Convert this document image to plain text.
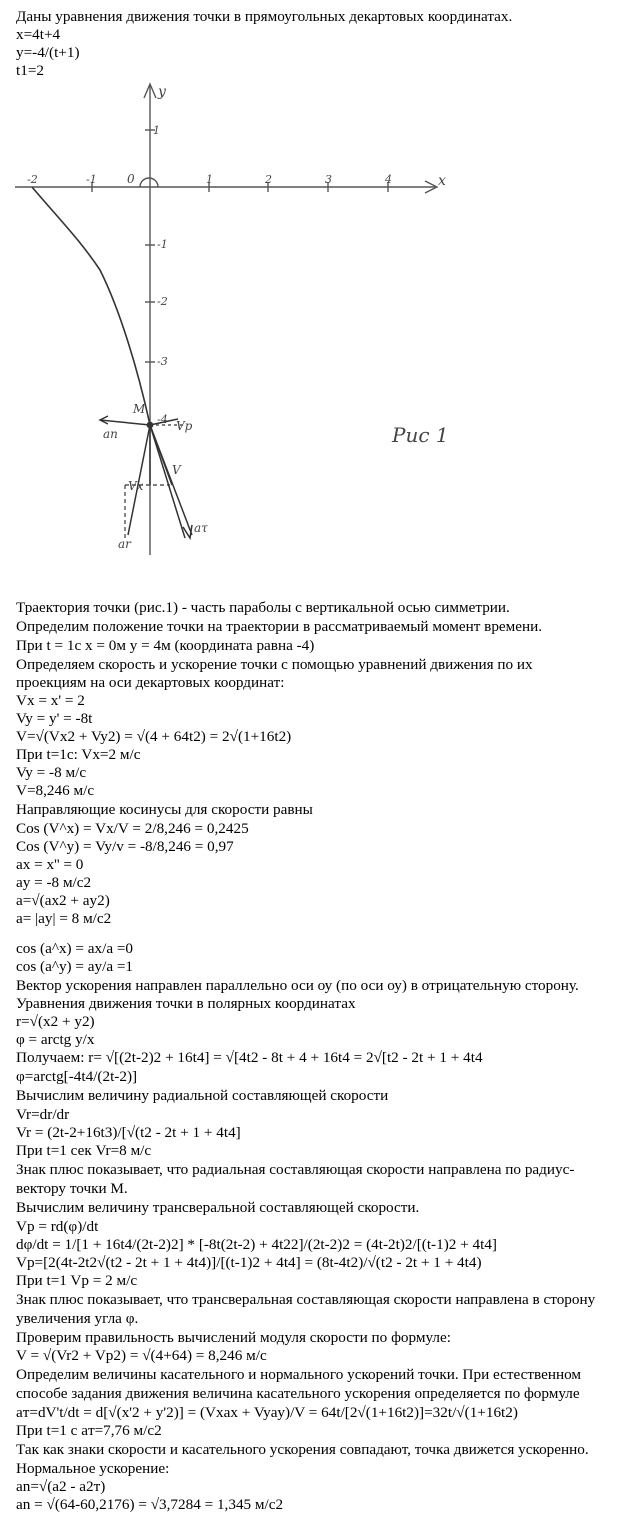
Даны уравнения движения точки в прямоугольных декартовых координатах.
x=4t+4
y=-4/(t+1)
t1=2
x
y
0
-2	-1	1	2	3	4
1
-1
-2
-3
-4
M
Vp
an
Vx
V
aτ
ar
Рис 1
Траектория точки (рис.1) - часть параболы с вертикальной осью симметрии.
Определим положение точки на траектории в рассматриваемый момент времени.
При t = 1с x = 0м y = 4м (координата равна -4)
Определяем скорость и ускорение точки с помощью уравнений движения по их
проекциям на оси декартовых координат:
Vx = x' = 2
Vy = y' = -8t
V=√(Vx2 + Vy2) = √(4 + 64t2) = 2√(1+16t2)
При t=1c: Vx=2 м/с
Vy = -8 м/с
V=8,246 м/с
Направляющие косинусы для скорости равны
Cos (V^x) = Vx/V = 2/8,246 = 0,2425
Cos (V^y) = Vy/v = -8/8,246 = 0,97
ax = x'' = 0
ay = -8 м/с2
a=√(ax2 + ay2)
a= |ay| = 8 м/с2
cos (a^x) = ax/a =0
cos (a^y) = ay/a =1
Вектор ускорения направлен параллельно оси оу (по оси оу) в отрицательную сторону.
Уравнения движения точки в полярных координатах
r=√(x2 + y2)
φ = arctg y/x
Получаем: r= √[(2t-2)2 + 16t4] = √[4t2 - 8t + 4 + 16t4 = 2√[t2 - 2t + 1 + 4t4
φ=arctg[-4t4/(2t-2)]
Вычислим величину радиальной составляющей скорости
Vr=dr/dr
Vr = (2t-2+16t3)/[√(t2 - 2t + 1 + 4t4]
При t=1 сек Vr=8 м/с
Знак плюс показывает, что радиальная составляющая скорости направлена по радиус-
вектору точки М.
Вычислим величину трансверальной составляющей скорости.
Vp = rd(φ)/dt
dφ/dt = 1/[1 + 16t4/(2t-2)2] * [-8t(2t-2) + 4t22]/(2t-2)2 = (4t-2t)2/[(t-1)2 + 4t4]
Vp=[2(4t-2t2√(t2 - 2t + 1 + 4t4)]/[(t-1)2 + 4t4] = (8t-4t2)/√(t2 - 2t + 1 + 4t4)
При t=1 Vp = 2 м/с
Знак плюс показывает, что трансверальная составляющая скорости направлена в сторону
увеличения угла φ.
Проверим правильность вычислений модуля скорости по формуле:
V = √(Vr2 + Vp2) = √(4+64) = 8,246 м/с
Определим величины касательного и нормального ускорений точки. При естественном
способе задания движения величина касательного ускорения определяется по формуле
aт=dV't/dt = d[√(x'2 + y'2)] = (Vxax + Vyay)/V = 64t/[2√(1+16t2)]=32t/√(1+16t2)
При t=1 с aт=7,76 м/с2
Так как знаки скорости и касательного ускорения совпадают, точка движется ускоренно.
Нормальное ускорение:
an=√(a2 - a2т)
an = √(64-60,2176) = √3,7284 = 1,345 м/с2
